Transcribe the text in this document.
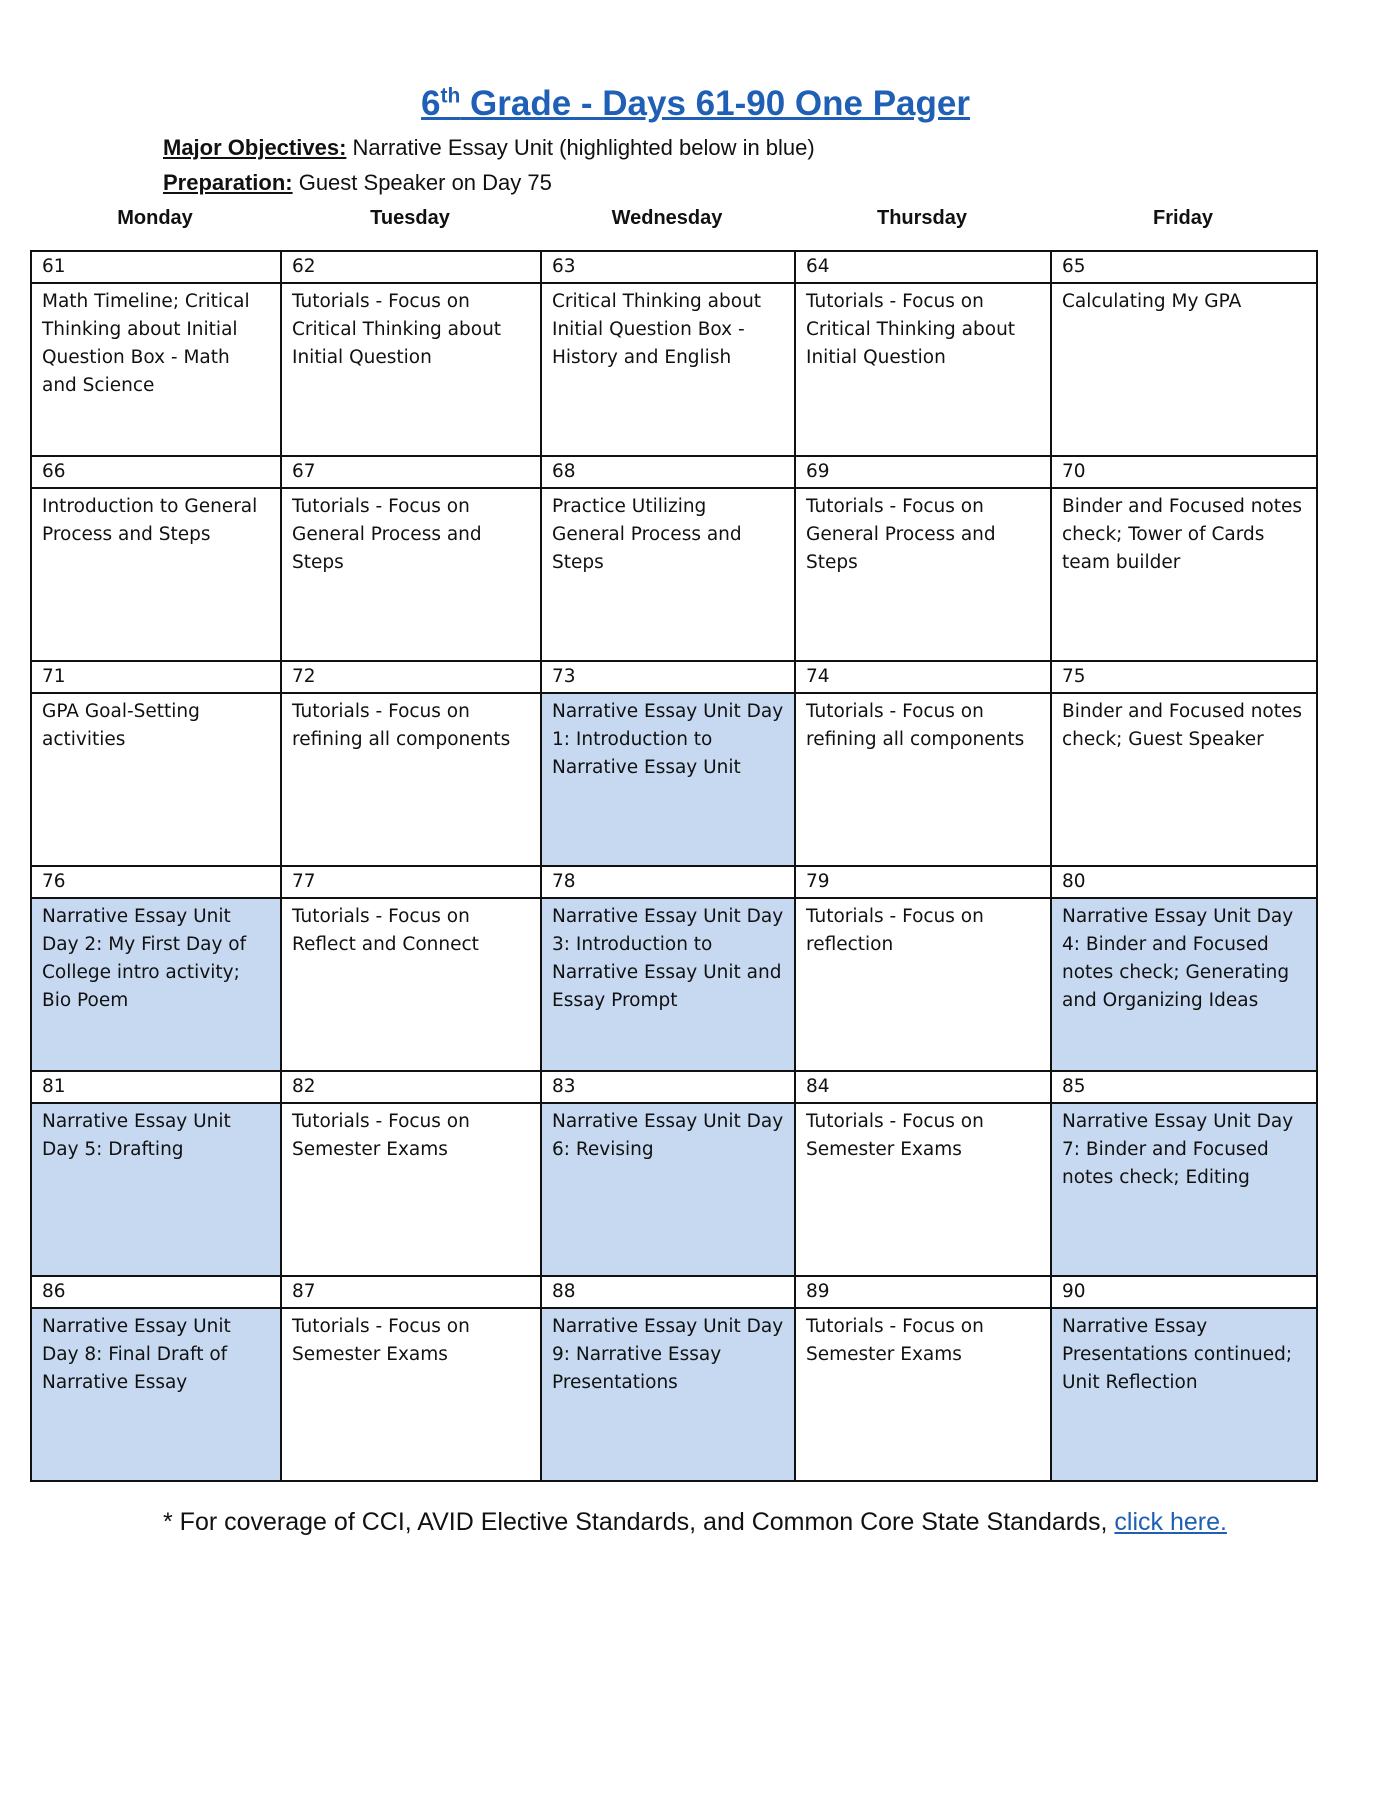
6th Grade - Days 61-90 One Pager
Major Objectives: Narrative Essay Unit (highlighted below in blue)
Preparation: Guest Speaker on Day 75
Monday	Tuesday	Wednesday	Thursday	Friday
61	62	63	64	65
Math Timeline; Critical Thinking about Initial Question Box - Math and Science	Tutorials - Focus on Critical Thinking about Initial Question	Critical Thinking about Initial Question Box - History and English	Tutorials - Focus on Critical Thinking about Initial Question	Calculating My GPA
66	67	68	69	70
Introduction to General Process and Steps	Tutorials - Focus on General Process and Steps	Practice Utilizing General Process and Steps	Tutorials - Focus on General Process and Steps	Binder and Focused notes check; Tower of Cards team builder
71	72	73	74	75
GPA Goal-Setting activities	Tutorials - Focus on refining all components	Narrative Essay Unit Day 1: Introduction to Narrative Essay Unit	Tutorials - Focus on refining all components	Binder and Focused notes check; Guest Speaker
76	77	78	79	80
Narrative Essay Unit Day 2: My First Day of College intro activity; Bio Poem	Tutorials - Focus on Reflect and Connect	Narrative Essay Unit Day 3: Introduction to Narrative Essay Unit and Essay Prompt	Tutorials - Focus on reflection	Narrative Essay Unit Day 4: Binder and Focused notes check; Generating and Organizing Ideas
81	82	83	84	85
Narrative Essay Unit Day 5: Drafting	Tutorials - Focus on Semester Exams	Narrative Essay Unit Day 6: Revising	Tutorials - Focus on Semester Exams	Narrative Essay Unit Day 7: Binder and Focused notes check; Editing
86	87	88	89	90
Narrative Essay Unit Day 8: Final Draft of Narrative Essay	Tutorials - Focus on Semester Exams	Narrative Essay Unit Day 9: Narrative Essay Presentations	Tutorials - Focus on Semester Exams	Narrative Essay Presentations continued; Unit Reflection
* For coverage of CCI, AVID Elective Standards, and Common Core State Standards, click here.
